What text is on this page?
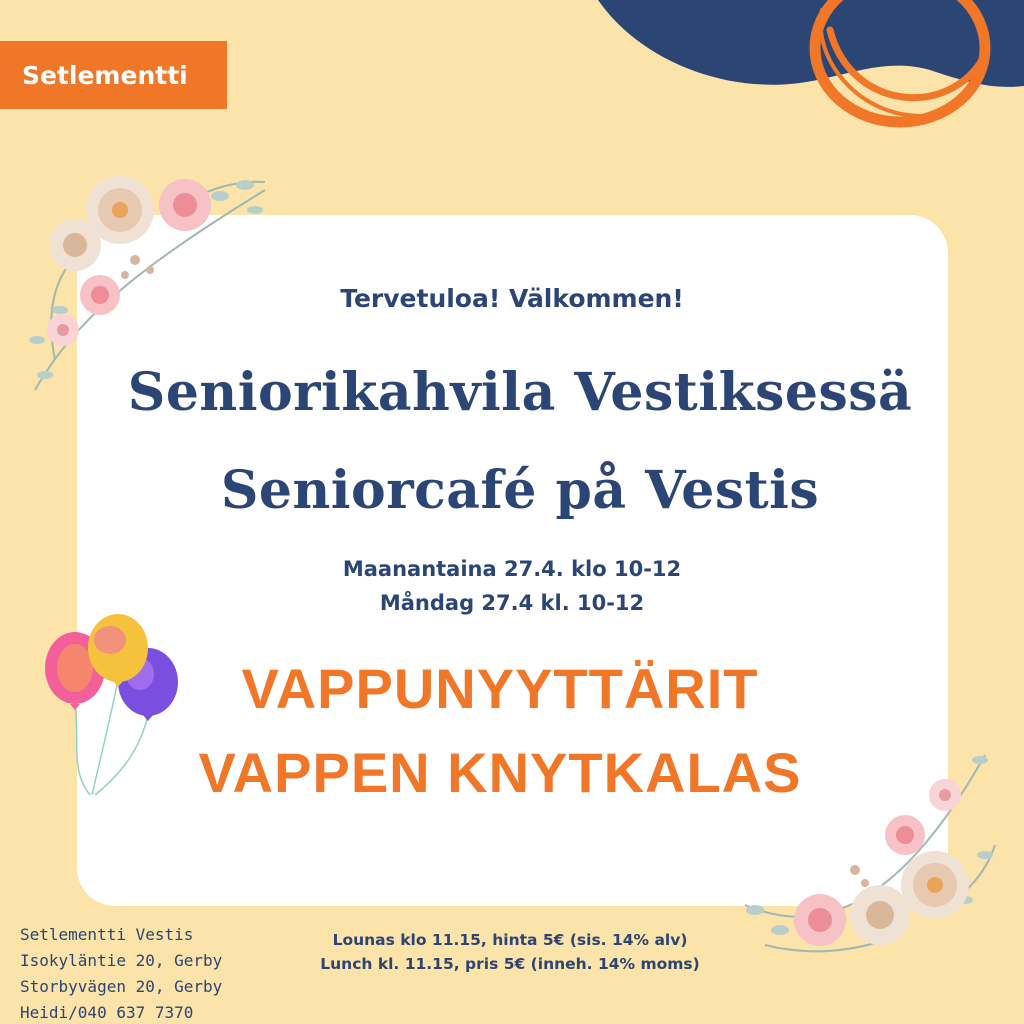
Setlementti
Tervetuloa! Välkommen!
Seniorikahvila Vestiksessä
Seniorcafé på Vestis
Maanantaina 27.4. klo 10-12
Måndag 27.4 kl. 10-12
VAPPUNYYTTÄRIT
VAPPEN KNYTKALAS
Setlementti Vestis
Isokyläntie 20, Gerby
Storbyvägen 20, Gerby
Heidi/040 637 7370
Lounas klo 11.15, hinta 5€ (sis. 14% alv)
Lunch kl. 11.15, pris 5€ (inneh. 14% moms)
